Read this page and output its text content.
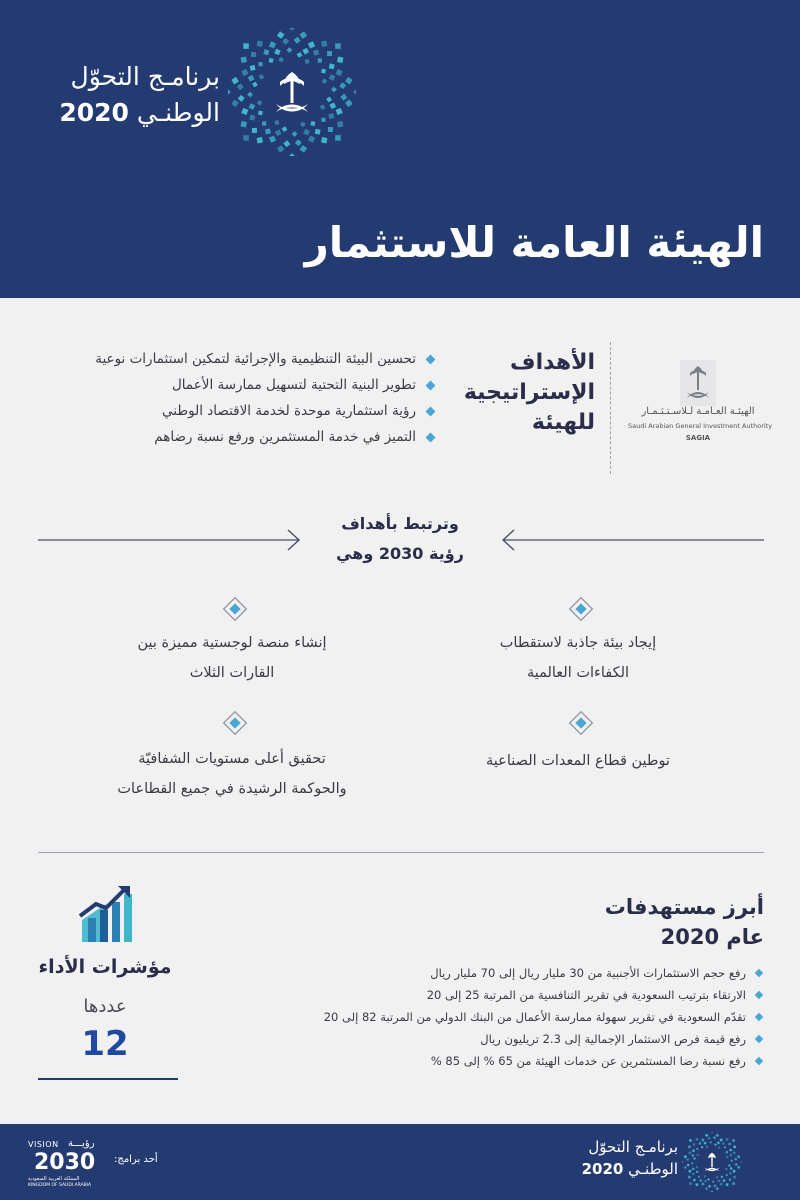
برنامـج التحوّل
2020 الوطنـي
الهيئة العامة للاستثمار
تحسين البيئة التنظيمية والإجرائية لتمكين استثمارات نوعية
تطوير البنية التحتية لتسهيل ممارسة الأعمال
رؤية استثمارية موحدة لخدمة الاقتصاد الوطني
التميز في خدمة المستثمرين ورفع نسبة رضاهم
الأهداف
الإستراتيجية
للهيئة	الهيئـة العـامـة لـلاسـتـثـمـار
Saudi Arabian General Investment Authority
SAGIA
وترتبط بأهداف
رؤية 2030 وهي
إنشاء منصة لوجستية مميزة بين
القارات الثلاث
إيجاد بيئة جاذبة لاستقطاب
الكفاءات العالمية
تحقيق أعلى مستويات الشفافيّة
والحوكمة الرشيدة في جميع القطاعات
توطين قطاع المعدات الصناعية
أبرز مستهدفات
عام 2020
رفع حجم الاستثمارات الأجنبية من 30 مليار ريال إلى 70 مليار ريال
الارتقاء بترتيب السعودية في تقرير التنافسية من المرتبة 25 إلى 20
تقدّم السعودية في تقرير سهولة ممارسة الأعمال من البنك الدولي من المرتبة 82 إلى 20
رفع قيمة فرص الاستثمار الإجمالية إلى 2.3 تريليون ريال
رفع نسبة رضا المستثمرين عن خدمات الهيئة من 65 % إلى 85 %
مؤشرات الأداء
عددها
12
VISION رؤيـــة
2030
المملكة العربية السعودية
KINGDOM OF SAUDI ARABIA
أحد برامج:
برنامـج التحوّل
2020 الوطنـي
